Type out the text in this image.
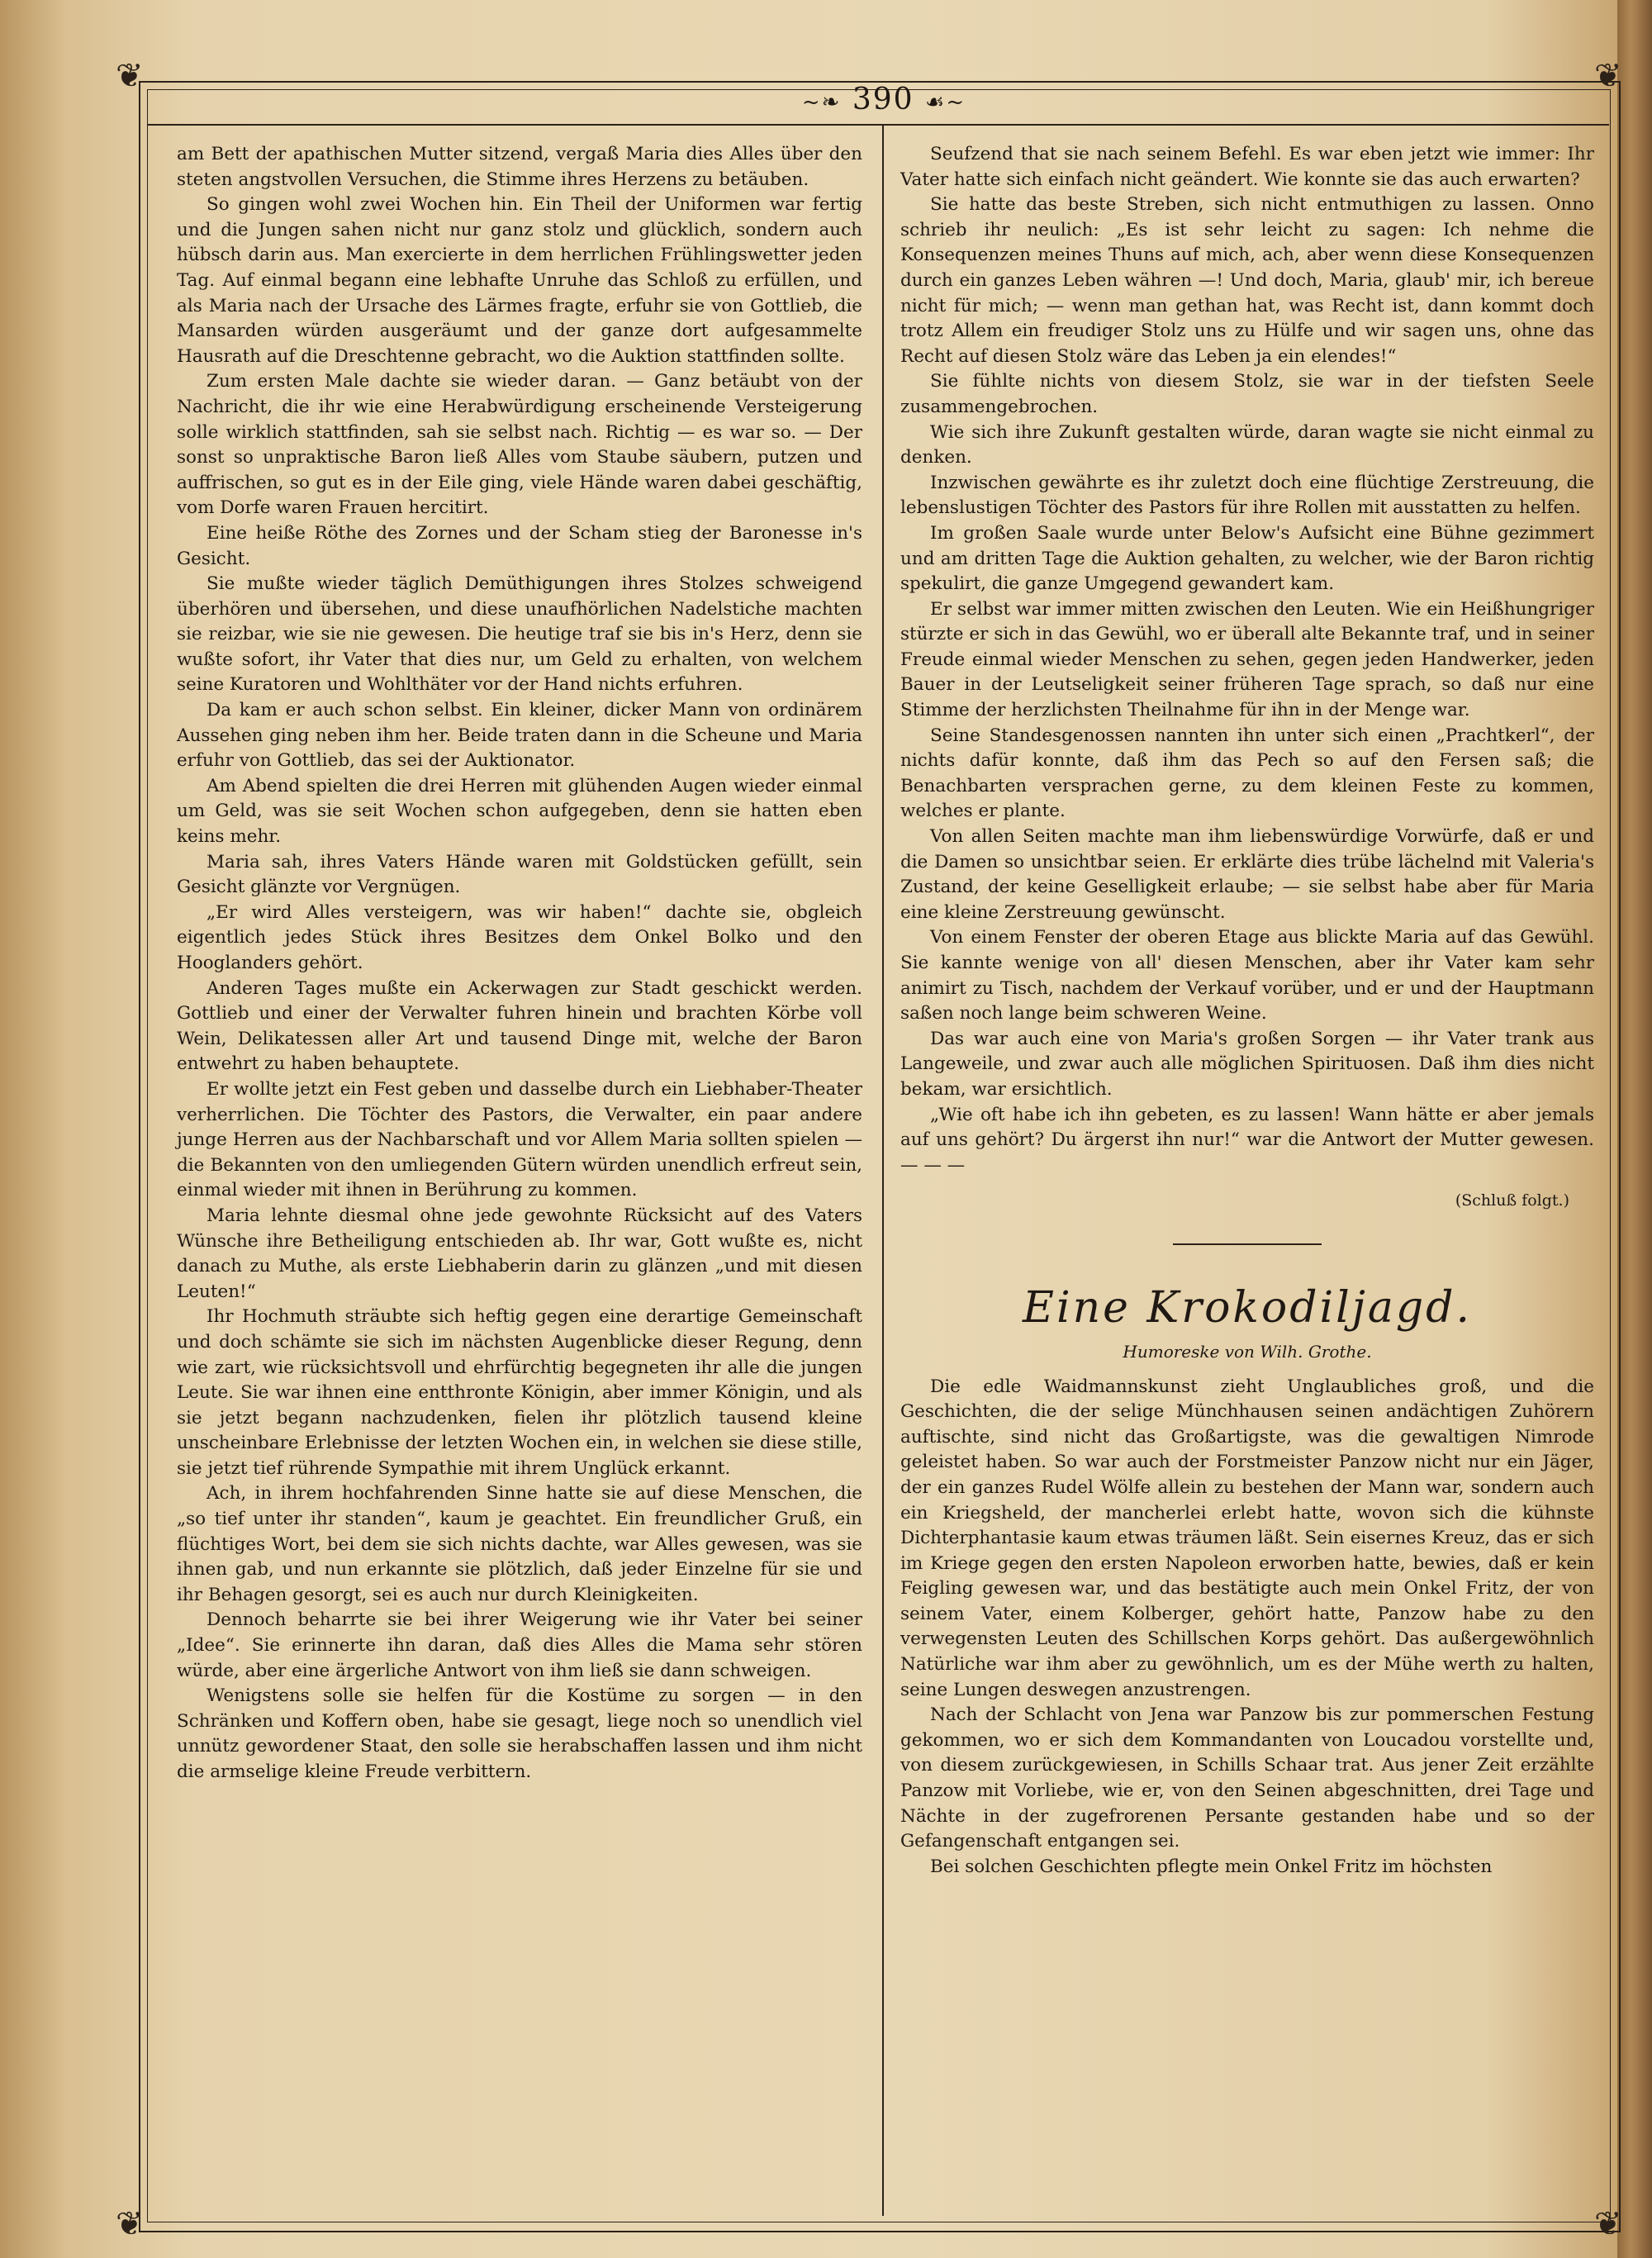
❦	❦
❦	❦
~❧ 390 ☙~

am Bett der apathischen Mutter sitzend, vergaß Maria dies Alles über den steten angstvollen Versuchen, die Stimme ihres Herzens zu betäuben.

So gingen wohl zwei Wochen hin. Ein Theil der Uniformen war fertig und die Jungen sahen nicht nur ganz stolz und glücklich, sondern auch hübsch darin aus. Man exercierte in dem herrlichen Frühlingswetter jeden Tag. Auf einmal begann eine lebhafte Unruhe das Schloß zu erfüllen, und als Maria nach der Ursache des Lärmes fragte, erfuhr sie von Gottlieb, die Mansarden würden ausgeräumt und der ganze dort aufgesammelte Hausrath auf die Dreschtenne gebracht, wo die Auktion stattfinden sollte.

Zum ersten Male dachte sie wieder daran. — Ganz betäubt von der Nachricht, die ihr wie eine Herabwürdigung erscheinende Versteigerung solle wirklich stattfinden, sah sie selbst nach. Richtig — es war so. — Der sonst so unpraktische Baron ließ Alles vom Staube säubern, putzen und auffrischen, so gut es in der Eile ging, viele Hände waren dabei geschäftig, vom Dorfe waren Frauen hercitirt.

Eine heiße Röthe des Zornes und der Scham stieg der Baronesse in's Gesicht.

Sie mußte wieder täglich Demüthigungen ihres Stolzes schweigend überhören und übersehen, und diese unaufhörlichen Nadelstiche machten sie reizbar, wie sie nie gewesen. Die heutige traf sie bis in's Herz, denn sie wußte sofort, ihr Vater that dies nur, um Geld zu erhalten, von welchem seine Kuratoren und Wohlthäter vor der Hand nichts erfuhren.

Da kam er auch schon selbst. Ein kleiner, dicker Mann von ordinärem Aussehen ging neben ihm her. Beide traten dann in die Scheune und Maria erfuhr von Gottlieb, das sei der Auktionator.

Am Abend spielten die drei Herren mit glühenden Augen wieder einmal um Geld, was sie seit Wochen schon aufgegeben, denn sie hatten eben keins mehr.

Maria sah, ihres Vaters Hände waren mit Goldstücken gefüllt, sein Gesicht glänzte vor Vergnügen.

„Er wird Alles versteigern, was wir haben!“ dachte sie, obgleich eigentlich jedes Stück ihres Besitzes dem Onkel Bolko und den Hooglanders gehört.

Anderen Tages mußte ein Ackerwagen zur Stadt geschickt werden. Gottlieb und einer der Verwalter fuhren hinein und brachten Körbe voll Wein, Delikatessen aller Art und tausend Dinge mit, welche der Baron entwehrt zu haben behauptete.

Er wollte jetzt ein Fest geben und dasselbe durch ein Liebhaber-Theater verherrlichen. Die Töchter des Pastors, die Verwalter, ein paar andere junge Herren aus der Nachbarschaft und vor Allem Maria sollten spielen — die Bekannten von den umliegenden Gütern würden unendlich erfreut sein, einmal wieder mit ihnen in Berührung zu kommen.

Maria lehnte diesmal ohne jede gewohnte Rücksicht auf des Vaters Wünsche ihre Betheiligung entschieden ab. Ihr war, Gott wußte es, nicht danach zu Muthe, als erste Liebhaberin darin zu glänzen „und mit diesen Leuten!“

Ihr Hochmuth sträubte sich heftig gegen eine derartige Gemeinschaft und doch schämte sie sich im nächsten Augenblicke dieser Regung, denn wie zart, wie rücksichtsvoll und ehrfürchtig begegneten ihr alle die jungen Leute. Sie war ihnen eine entthronte Königin, aber immer Königin, und als sie jetzt begann nachzudenken, fielen ihr plötzlich tausend kleine unscheinbare Erlebnisse der letzten Wochen ein, in welchen sie diese stille, sie jetzt tief rührende Sympathie mit ihrem Unglück erkannt.

Ach, in ihrem hochfahrenden Sinne hatte sie auf diese Menschen, die „so tief unter ihr standen“, kaum je geachtet. Ein freundlicher Gruß, ein flüchtiges Wort, bei dem sie sich nichts dachte, war Alles gewesen, was sie ihnen gab, und nun erkannte sie plötzlich, daß jeder Einzelne für sie und ihr Behagen gesorgt, sei es auch nur durch Kleinigkeiten.

Dennoch beharrte sie bei ihrer Weigerung wie ihr Vater bei seiner „Idee“. Sie erinnerte ihn daran, daß dies Alles die Mama sehr stören würde, aber eine ärgerliche Antwort von ihm ließ sie dann schweigen.

Wenigstens solle sie helfen für die Kostüme zu sorgen — in den Schränken und Koffern oben, habe sie gesagt, liege noch so unendlich viel unnütz gewordener Staat, den solle sie herabschaffen lassen und ihm nicht die armselige kleine Freude verbittern.

Seufzend that sie nach seinem Befehl. Es war eben jetzt wie immer: Ihr Vater hatte sich einfach nicht geändert. Wie konnte sie das auch erwarten?

Sie hatte das beste Streben, sich nicht entmuthigen zu lassen. Onno schrieb ihr neulich: „Es ist sehr leicht zu sagen: Ich nehme die Konsequenzen meines Thuns auf mich, ach, aber wenn diese Konsequenzen durch ein ganzes Leben währen —! Und doch, Maria, glaub' mir, ich bereue nicht für mich; — wenn man gethan hat, was Recht ist, dann kommt doch trotz Allem ein freudiger Stolz uns zu Hülfe und wir sagen uns, ohne das Recht auf diesen Stolz wäre das Leben ja ein elendes!“

Sie fühlte nichts von diesem Stolz, sie war in der tiefsten Seele zusammengebrochen.

Wie sich ihre Zukunft gestalten würde, daran wagte sie nicht einmal zu denken.

Inzwischen gewährte es ihr zuletzt doch eine flüchtige Zerstreuung, die lebenslustigen Töchter des Pastors für ihre Rollen mit ausstatten zu helfen.

Im großen Saale wurde unter Below's Aufsicht eine Bühne gezimmert und am dritten Tage die Auktion gehalten, zu welcher, wie der Baron richtig spekulirt, die ganze Umgegend gewandert kam.

Er selbst war immer mitten zwischen den Leuten. Wie ein Heißhungriger stürzte er sich in das Gewühl, wo er überall alte Bekannte traf, und in seiner Freude einmal wieder Menschen zu sehen, gegen jeden Handwerker, jeden Bauer in der Leutseligkeit seiner früheren Tage sprach, so daß nur eine Stimme der herzlichsten Theilnahme für ihn in der Menge war.

Seine Standesgenossen nannten ihn unter sich einen „Prachtkerl“, der nichts dafür konnte, daß ihm das Pech so auf den Fersen saß; die Benachbarten versprachen gerne, zu dem kleinen Feste zu kommen, welches er plante.

Von allen Seiten machte man ihm liebenswürdige Vorwürfe, daß er und die Damen so unsichtbar seien. Er erklärte dies trübe lächelnd mit Valeria's Zustand, der keine Geselligkeit erlaube; — sie selbst habe aber für Maria eine kleine Zerstreuung gewünscht.

Von einem Fenster der oberen Etage aus blickte Maria auf das Gewühl. Sie kannte wenige von all' diesen Menschen, aber ihr Vater kam sehr animirt zu Tisch, nachdem der Verkauf vorüber, und er und der Hauptmann saßen noch lange beim schweren Weine.

Das war auch eine von Maria's großen Sorgen — ihr Vater trank aus Langeweile, und zwar auch alle möglichen Spirituosen. Daß ihm dies nicht bekam, war ersichtlich.

„Wie oft habe ich ihn gebeten, es zu lassen! Wann hätte er aber jemals auf uns gehört? Du ärgerst ihn nur!“ war die Antwort der Mutter gewesen. — — —

(Schluß folgt.)
Eine Krokodiljagd.
Humoreske von Wilh. Grothe.

Die edle Waidmannskunst zieht Unglaubliches groß, und die Geschichten, die der selige Münchhausen seinen andächtigen Zuhörern auftischte, sind nicht das Großartigste, was die gewaltigen Nimrode geleistet haben. So war auch der Forstmeister Panzow nicht nur ein Jäger, der ein ganzes Rudel Wölfe allein zu bestehen der Mann war, sondern auch ein Kriegsheld, der mancherlei erlebt hatte, wovon sich die kühnste Dichterphantasie kaum etwas träumen läßt. Sein eisernes Kreuz, das er sich im Kriege gegen den ersten Napoleon erworben hatte, bewies, daß er kein Feigling gewesen war, und das bestätigte auch mein Onkel Fritz, der von seinem Vater, einem Kolberger, gehört hatte, Panzow habe zu den verwegensten Leuten des Schillschen Korps gehört. Das außergewöhnlich Natürliche war ihm aber zu gewöhnlich, um es der Mühe werth zu halten, seine Lungen deswegen anzustrengen.

Nach der Schlacht von Jena war Panzow bis zur pommerschen Festung gekommen, wo er sich dem Kommandanten von Loucadou vorstellte und, von diesem zurückgewiesen, in Schills Schaar trat. Aus jener Zeit erzählte Panzow mit Vorliebe, wie er, von den Seinen abgeschnitten, drei Tage und Nächte in der zugefrorenen Persante gestanden habe und so der Gefangenschaft entgangen sei.

Bei solchen Geschichten pflegte mein Onkel Fritz im höchsten
